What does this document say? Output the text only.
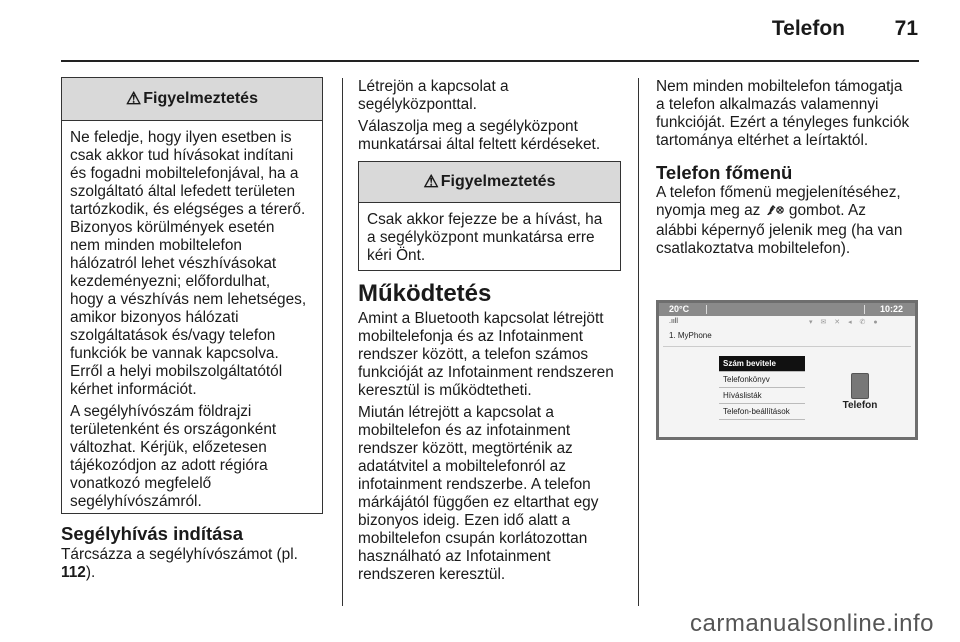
Telefon	71
⚠ Figyelmeztetés

Ne feledje, hogy ilyen esetben is
csak akkor tud hívásokat indítani
és fogadni mobiltelefonjával, ha a
szolgáltató által lefedett területen
tartózkodik, és elégséges a térerő.
Bizonyos körülmények esetén
nem minden mobiltelefon
hálózatról lehet vészhívásokat
kezdeményezni; előfordulhat,
hogy a vészhívás nem lehetséges,
amikor bizonyos hálózati
szolgáltatások és/vagy telefon
funkciók be vannak kapcsolva.
Erről a helyi mobilszolgáltatótól
kérhet információt.

A segélyhívószám földrajzi
területenként és országonként
változhat. Kérjük, előzetesen
tájékozódjon az adott régióra
vonatkozó megfelelő
segélyhívószámról.

Segélyhívás indítása

Tárcsázza a segélyhívószámot (pl.
112).

Létrejön a kapcsolat a
segélyközponttal.

Válaszolja meg a segélyközpont
munkatársai által feltett kérdéseket.

⚠ Figyelmeztetés

Csak akkor fejezze be a hívást, ha
a segélyközpont munkatársa erre
kéri Önt.

Működtetés

Amint a Bluetooth kapcsolat létrejött
mobiltelefonja és az Infotainment
rendszer között, a telefon számos
funkcióját az Infotainment rendszeren
keresztül is működtetheti.

Miután létrejött a kapcsolat a
mobiltelefon és az infotainment
rendszer között, megtörténik az
adatátvitel a mobiltelefonról az
infotainment rendszerbe. A telefon
márkájától függően ez eltarthat egy
bizonyos ideig. Ezen idő alatt a
mobiltelefon csupán korlátozottan
használható az Infotainment
rendszeren keresztül.

Nem minden mobiltelefon támogatja
a telefon alkalmazás valamennyi
funkcióját. Ezért a tényleges funkciók
tartománya eltérhet a leírtaktól.

Telefon főmenü

A telefon főmenü megjelenítéséhez,
nyomja meg az  gombot. Az
alábbi képernyő jelenik meg (ha van
csatlakoztatva mobiltelefon).

20°C	10:22
.ııll	▾ ✉ ✕ ◂ ✆ ●
1. MyPhone
Szám bevitele
Telefonkönyv
Híváslisták
Telefon-beállítások
Telefon
carmanualsonline.info
